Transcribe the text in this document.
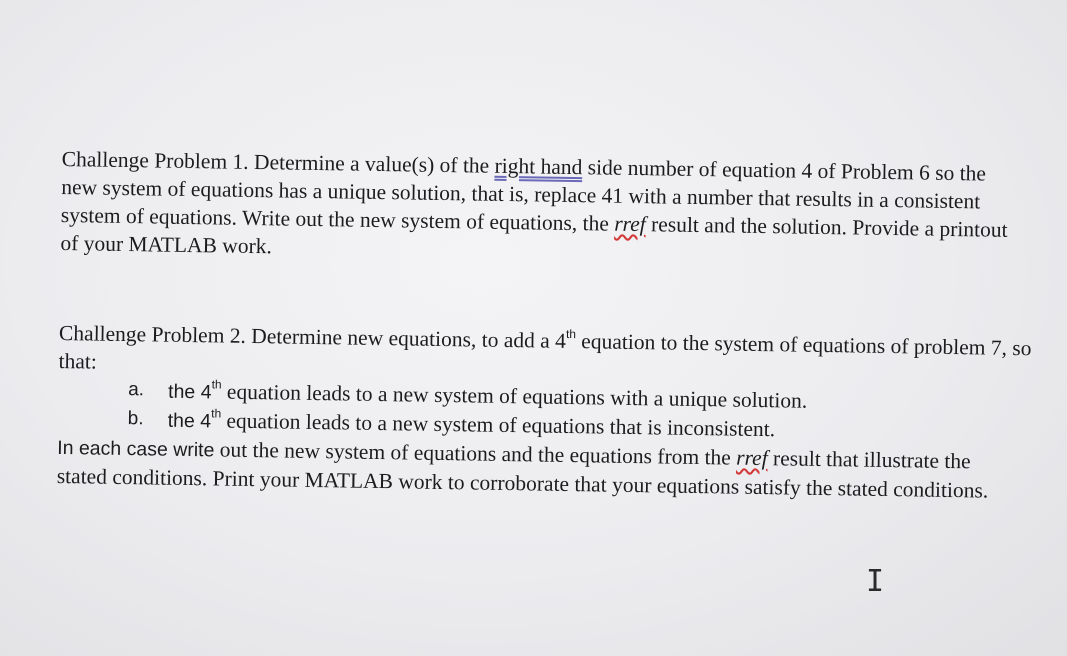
Challenge Problem 1. Determine a value(s) of the right hand side number of equation 4 of Problem 6 so the new system of equations has a unique solution, that is, replace 41 with a number that results in a consistent system of equations. Write out the new system of equations, the rref result and the solution. Provide a printout of your MATLAB work.

Challenge Problem 2. Determine new equations, to add a 4th equation to the system of equations of problem 7, so that:

a. the 4th equation leads to a new system of equations with a unique solution.
b. the 4th equation leads to a new system of equations that is inconsistent.

In each case write out the new system of equations and the equations from the rref result that illustrate the stated conditions. Print your MATLAB work to corroborate that your equations satisfy the stated conditions.

I
